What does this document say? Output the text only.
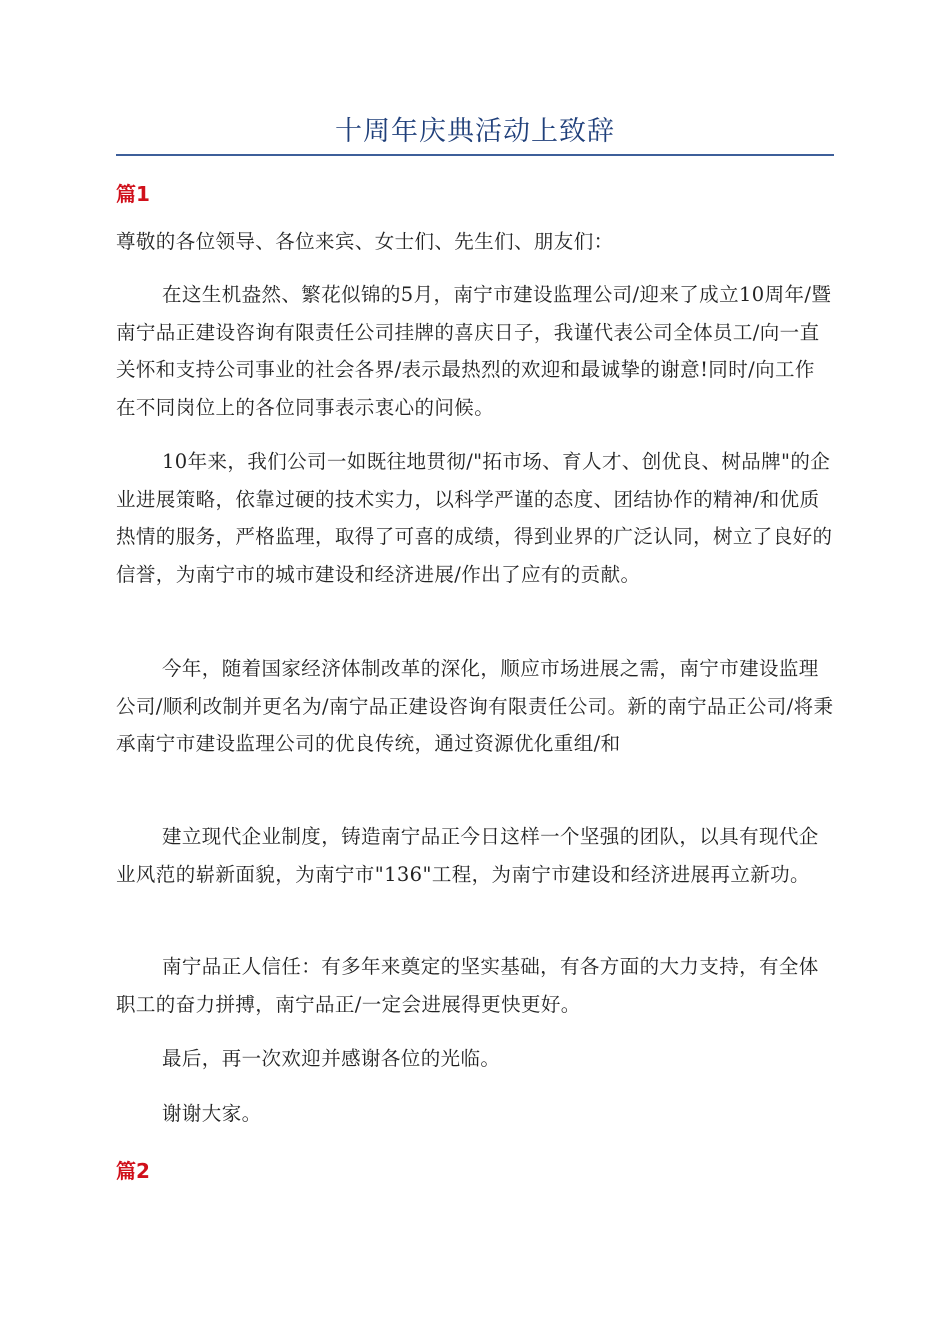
十周年庆典活动上致辞
篇1

尊敬的各位领导、各位来宾、女士们、先生们、朋友们：

在这生机盎然、繁花似锦的5月，南宁市建设监理公司/迎来了成立10周年/暨南宁品正建设咨询有限责任公司挂牌的喜庆日子，我谨代表公司全体员工/向一直关怀和支持公司事业的社会各界/表示最热烈的欢迎和最诚挚的谢意!同时/向工作在不同岗位上的各位同事表示衷心的问候。

10年来，我们公司一如既往地贯彻/"拓市场、育人才、创优良、树品牌"的企业进展策略，依靠过硬的技术实力，以科学严谨的态度、团结协作的精神/和优质热情的服务，严格监理，取得了可喜的成绩，得到业界的广泛认同，树立了良好的信誉，为南宁市的城市建设和经济进展/作出了应有的贡献。

今年，随着国家经济体制改革的深化，顺应市场进展之需，南宁市建设监理公司/顺利改制并更名为/南宁品正建设咨询有限责任公司。新的南宁品正公司/将秉承南宁市建设监理公司的优良传统，通过资源优化重组/和

建立现代企业制度，铸造南宁品正今日这样一个坚强的团队，以具有现代企业风范的崭新面貌，为南宁市"136"工程，为南宁市建设和经济进展再立新功。

南宁品正人信任：有多年来奠定的坚实基础，有各方面的大力支持，有全体职工的奋力拼搏，南宁品正/一定会进展得更快更好。

最后，再一次欢迎并感谢各位的光临。

谢谢大家。

篇2
